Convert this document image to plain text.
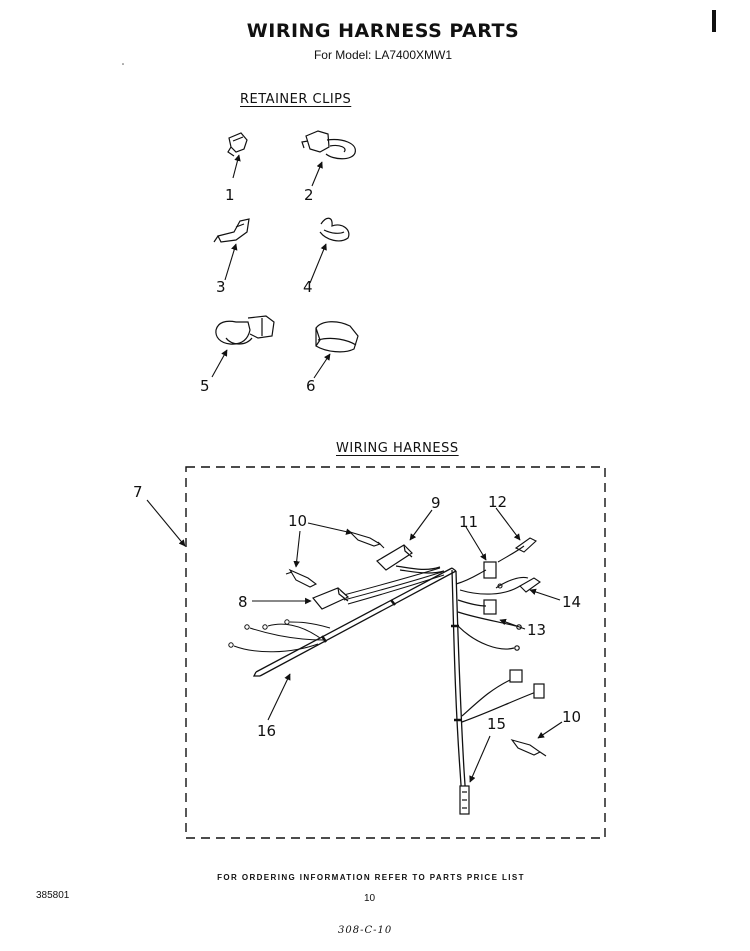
WIRING HARNESS PARTS
For Model: LA7400XMW1
RETAINER CLIPS
WIRING HARNESS
1	2
3	4
5	6
7
8
9
10
10
11
12
13
14
15
16
FOR ORDERING INFORMATION REFER TO PARTS PRICE LIST
385801	10
308-C-10
